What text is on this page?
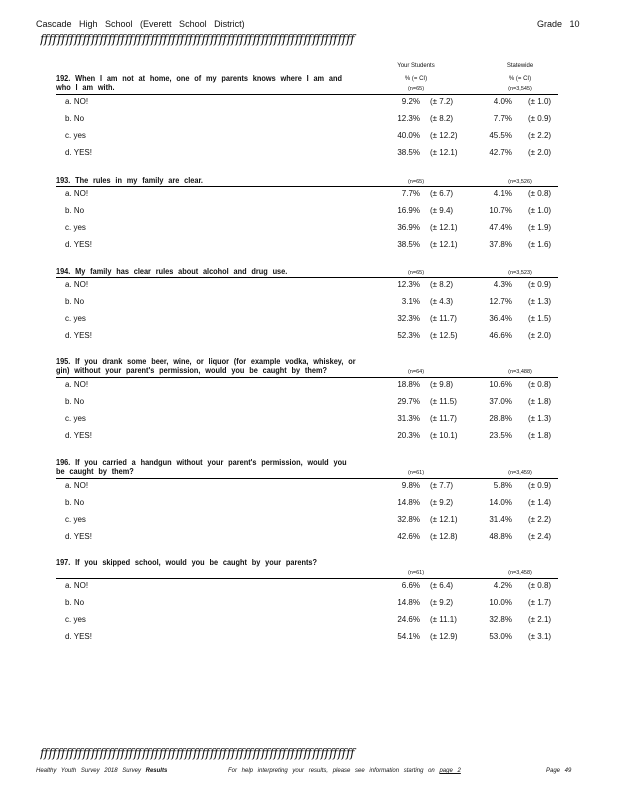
Cascade High School (Everett School District)	Grade 10
ffffffffffffffffffffffffffffffffffffffffffffffffffffffffffffffffffffffffff
Your Students
% (= CI)
Statewide
% (= CI)
192. When I am not at home, one of my parents knows where I am and who I am with.	(n=65)	(n=3,545)
a. NO!	9.2% (± 7.2)	4.0% (± 1.0)
b. No	12.3% (± 8.2)	7.7% (± 0.9)
c. yes	40.0% (± 12.2)	45.5% (± 2.2)
d. YES!	38.5% (± 12.1)	42.7% (± 2.0)
193. The rules in my family are clear.	(n=65)	(n=3,526)
a. NO!	7.7% (± 6.7)	4.1% (± 0.8)
b. No	16.9% (± 9.4)	10.7% (± 1.0)
c. yes	36.9% (± 12.1)	47.4% (± 1.9)
d. YES!	38.5% (± 12.1)	37.8% (± 1.6)
194. My family has clear rules about alcohol and drug use.	(n=65)	(n=3,523)
a. NO!	12.3% (± 8.2)	4.3% (± 0.9)
b. No	3.1% (± 4.3)	12.7% (± 1.3)
c. yes	32.3% (± 11.7)	36.4% (± 1.5)
d. YES!	52.3% (± 12.5)	46.6% (± 2.0)
195. If you drank some beer, wine, or liquor (for example vodka, whiskey, or gin) without your parent's permission, would you be caught by them?	(n=64)	(n=3,488)
a. NO!	18.8% (± 9.8)	10.6% (± 0.8)
b. No	29.7% (± 11.5)	37.0% (± 1.8)
c. yes	31.3% (± 11.7)	28.8% (± 1.3)
d. YES!	20.3% (± 10.1)	23.5% (± 1.8)
196. If you carried a handgun without your parent's permission, would you be caught by them?	(n=61)	(n=3,459)
a. NO!	9.8% (± 7.7)	5.8% (± 0.9)
b. No	14.8% (± 9.2)	14.0% (± 1.4)
c. yes	32.8% (± 12.1)	31.4% (± 2.2)
d. YES!	42.6% (± 12.8)	48.8% (± 2.4)
197. If you skipped school, would you be caught by your parents?
(n=61)	(n=3,458)
a. NO!	6.6% (± 6.4)	4.2% (± 0.8)
b. No	14.8% (± 9.2)	10.0% (± 1.7)
c. yes	24.6% (± 11.1)	32.8% (± 2.1)
d. YES!	54.1% (± 12.9)	53.0% (± 3.1)
ffffffffffffffffffffffffffffffffffffffffffffffffffffffffffffffffffffffffff
Healthy Youth Survey 2018 Survey Results	For help interpreting your results, please see information starting on page 2	Page 49
